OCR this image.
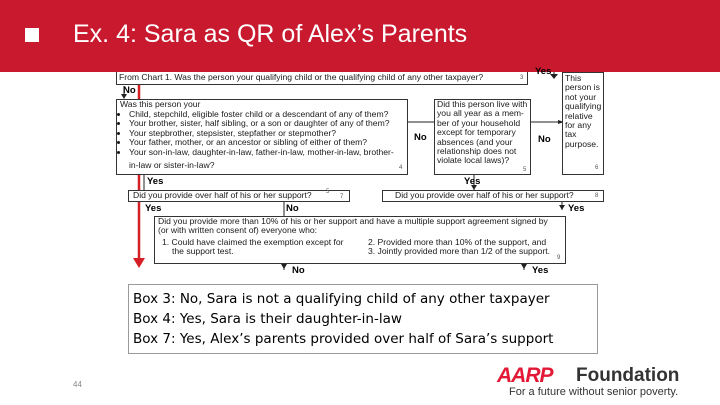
Ex. 4: Sara as QR of Alex’s Parents
From Chart 1. Was the person your qualifying child or the qualifying child of any other taxpayer?	3
Yes
No
Was this person your
• Child, stepchild, eligible foster child or a descendant of any of them?
• Your brother, sister, half sibling, or a son or daughter of any of them?
• Your stepbrother, stepsister, stepfather or stepmother?
• Your father, mother, or an ancestor or sibling of either of them?
• Your son-in-law, daughter-in-law, father-in-law, mother-in-law, brother-
in-law or sister-in-law?	4
No
Yes
Did this person live with
you all year as a mem-
ber of your household
except for temporary
absences (and your
relationship does not
violate local laws)?
5
No
Yes
This
person is
not your
qualifying
relative
for any
tax
purpose.
6
Did you provide over half of his or her support? 5
7
Yes	No
Did you provide over half of his or her support?	8
Yes
Did you provide more than 10% of his or her support and have a multiple support agreement signed by
(or with written consent of) everyone who:
1. Could have claimed the exemption except for
the support test.
2. Provided more than 10% of the support, and
3. Jointly provided more than 1/2 of the support.
9
No	Yes
Box 3: No, Sara is not a qualifying child of any other taxpayer
Box 4: Yes, Sara is their daughter-in-law
Box 7: Yes, Alex’s parents provided over half of Sara’s support
44	AARP Foundation
For a future without senior poverty.
